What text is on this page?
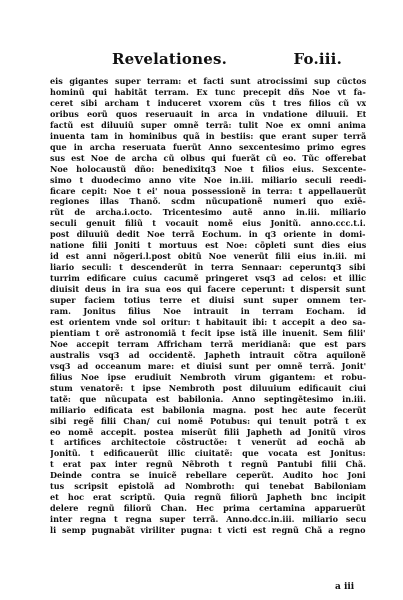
Revelationes.	Fo.iii.
eis gigantes super terram: et facti sunt atrocissimi sup cũctos
hominũ qui habitãt terram. Ex tunc precepit dñs Noe vt fa-
ceret sibi archam t induceret vxorem cũs t tres filios cũ vx
oribus eorũ quos reseruauit in arca in vndatione diluuii. Et
factũ est diluuiũ super omnẽ terrã: tulit Noe ex omni anima
inuenta tam in hominibus quã in bestiis: que erant super terrã
que in archa reseruata fuerũt Anno sexcentesimo primo egres
sus est Noe de archa cũ olbus qui fuerãt cũ eo. Tũc offerebat
Noe holocaustũ dño: benedixitq3 Noe t filios eius. Sexcente-
simo t duodecimo anno vite Noe in.iii. miliario seculi reedi-
ficare cepit: Noe t ei' noua possessionẽ in terra: t appellauerũt
regiones illas Thanõ. scdm nũcupationẽ numeri quo exiē-
rũt de archa.i.octo. Tricentesimo autẽ anno in.iii. miliario
seculi genuit filiũ t vocauit nomẽ eius Jonitũ. anno.ccc.t.i.
post diluuiũ dedit Noe terrã Eochum. in q3 oriente in domi-
natione filii Joniti t mortuus est Noe: cõpleti sunt dies eius
id est anni nõgeri.l.post obitũ Noe venerũt filii eius in.iii. mi
liario seculi: t descenderũt in terra Sennaar: ceperuntq3 sibi
turrim edificare cuius cacumẽ pringeret vsq3 ad celos: et illic
diuisit deus in ira sua eos qui facere ceperunt: t dispersit sunt
super faciem totius terre et diuisi sunt super omnem ter-
ram. Jonitus filius Noe intrauit in terram Eocham. id
est orientem vnde sol oritur: t habitauit ibi: t accepit a deo sa-
pientiam t orẽ astronomiã t fecit ipse istã ille inuenit. Sem filii'
Noe accepit terram Affricham terrã meridianã: que est pars
australis vsq3 ad occidentẽ. Japheth intrauit cõtra aquilonẽ
vsq3 ad occeanum mare: et diuisi sunt per omnẽ terrã. Jonit'
filius Noe ipse erudiuit Nembroth virum gigantem: et robu-
stum venatorẽ: t ipse Nembroth post diluuium edificauit ciui
tatẽ: que nũcupata est babilonia. Anno septingẽtesimo in.iii.
miliario edificata est babilonia magna. post hec aute fecerũt
sibi regẽ filii Chan/ cui nomẽ Potubus: qui tenuit potrã t ex
eo nomẽ accepit. postea miserũt filii Japheth ad Jonitũ viros
t artifices architectoie cõstructõe: t venerũt ad eochã ab
Jonitũ. t edificauerũt illic ciuitatẽ: que vocata est Jonitus:
t erat pax inter regnũ Nẽbroth t regnũ Pantubi filii Chã.
Deinde contra se inuicẽ rebellare ceperũt. Audito hoc Joni
tus scripsit epistolã ad Nombroth: qui tenebat Babiloniam
et hoc erat scriptũ. Quia regnũ filiorũ Japheth bnc incipit
delere regnũ filiorũ Chan. Hec prima certamina apparuerũt
inter regna t regna super terrã. Anno.dcc.in.iii. miliario secu
li semp pugnabãt viriliter pugna: t victi est regnũ Chã a regno
a iii
